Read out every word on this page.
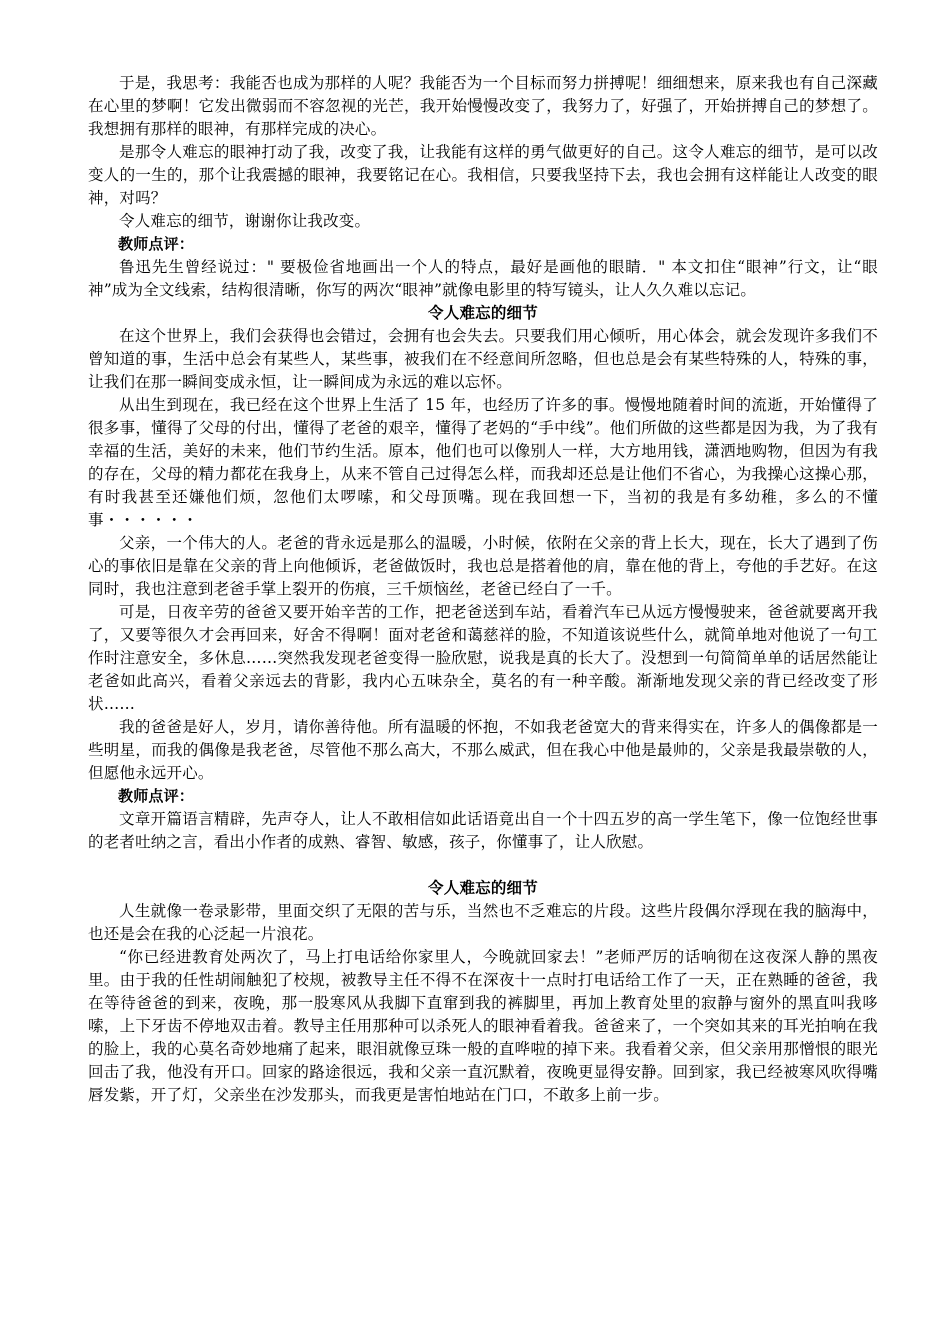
于是，我思考：我能否也成为那样的人呢？我能否为一个目标而努力拼搏呢！细细想来，原来我也有自己深藏在心里的梦啊！它发出微弱而不容忽视的光芒，我开始慢慢改变了，我努力了，好强了，开始拼搏自己的梦想了。我想拥有那样的眼神，有那样完成的决心。

是那令人难忘的眼神打动了我，改变了我，让我能有这样的勇气做更好的自己。这令人难忘的细节，是可以改变人的一生的，那个让我震撼的眼神，我要铭记在心。我相信，只要我坚持下去，我也会拥有这样能让人改变的眼神，对吗？

令人难忘的细节，谢谢你让我改变。

教师点评：

鲁迅先生曾经说过：" 要极俭省地画出一个人的特点，最好是画他的眼睛．" 本文扣住“眼神”行文，让“眼神”成为全文线索，结构很清晰，你写的两次“眼神”就像电影里的特写镜头，让人久久难以忘记。

令人难忘的细节

在这个世界上，我们会获得也会错过，会拥有也会失去。只要我们用心倾听，用心体会，就会发现许多我们不曾知道的事，生活中总会有某些人，某些事，被我们在不经意间所忽略，但也总是会有某些特殊的人，特殊的事，让我们在那一瞬间变成永恒，让一瞬间成为永远的难以忘怀。

从出生到现在，我已经在这个世界上生活了 15 年，也经历了许多的事。慢慢地随着时间的流逝，开始懂得了很多事，懂得了父母的付出，懂得了老爸的艰辛，懂得了老妈的“手中线”。他们所做的这些都是因为我，为了我有幸福的生活，美好的未来，他们节约生活。原本，他们也可以像别人一样，大方地用钱，潇洒地购物，但因为有我的存在，父母的精力都花在我身上，从来不管自己过得怎么样，而我却还总是让他们不省心，为我操心这操心那，有时我甚至还嫌他们烦，忽他们太啰嗦，和父母顶嘴。现在我回想一下，当初的我是有多幼稚，多么的不懂事・・・・・・

父亲，一个伟大的人。老爸的背永远是那么的温暖，小时候，依附在父亲的背上长大，现在，长大了遇到了伤心的事依旧是靠在父亲的背上向他倾诉，老爸做饭时，我也总是搭着他的肩，靠在他的背上，夸他的手艺好。在这同时，我也注意到老爸手掌上裂开的伤痕，三千烦恼丝，老爸已经白了一千。

可是，日夜辛劳的爸爸又要开始辛苦的工作，把老爸送到车站，看着汽车已从远方慢慢驶来，爸爸就要离开我了，又要等很久才会再回来，好舍不得啊！面对老爸和蔼慈祥的脸，不知道该说些什么，就简单地对他说了一句工作时注意安全，多休息……突然我发现老爸变得一脸欣慰，说我是真的长大了。没想到一句简简单单的话居然能让老爸如此高兴，看着父亲远去的背影，我内心五味杂全，莫名的有一种辛酸。渐渐地发现父亲的背已经改变了形状……

我的爸爸是好人，岁月，请你善待他。所有温暖的怀抱，不如我老爸宽大的背来得实在，许多人的偶像都是一些明星，而我的偶像是我老爸，尽管他不那么高大，不那么威武，但在我心中他是最帅的，父亲是我最崇敬的人，但愿他永远开心。

教师点评：

文章开篇语言精辟，先声夺人，让人不敢相信如此话语竟出自一个十四五岁的高一学生笔下，像一位饱经世事的老者吐纳之言，看出小作者的成熟、睿智、敏感，孩子，你懂事了，让人欣慰。

令人难忘的细节

人生就像一卷录影带，里面交织了无限的苦与乐，当然也不乏难忘的片段。这些片段偶尔浮现在我的脑海中，也还是会在我的心泛起一片浪花。

“你已经进教育处两次了，马上打电话给你家里人，今晚就回家去！”老师严厉的话响彻在这夜深人静的黑夜里。由于我的任性胡闹触犯了校规，被教导主任不得不在深夜十一点时打电话给工作了一天，正在熟睡的爸爸，我在等待爸爸的到来，夜晚，那一股寒风从我脚下直窜到我的裤脚里，再加上教育处里的寂静与窗外的黑直叫我哆嗦，上下牙齿不停地双击着。教导主任用那种可以杀死人的眼神看着我。爸爸来了，一个突如其来的耳光拍响在我的脸上，我的心莫名奇妙地痛了起来，眼泪就像豆珠一般的直哗啦的掉下来。我看着父亲，但父亲用那憎恨的眼光回击了我，他没有开口。回家的路途很远，我和父亲一直沉默着，夜晚更显得安静。回到家，我已经被寒风吹得嘴唇发紫，开了灯，父亲坐在沙发那头，而我更是害怕地站在门口，不敢多上前一步。
